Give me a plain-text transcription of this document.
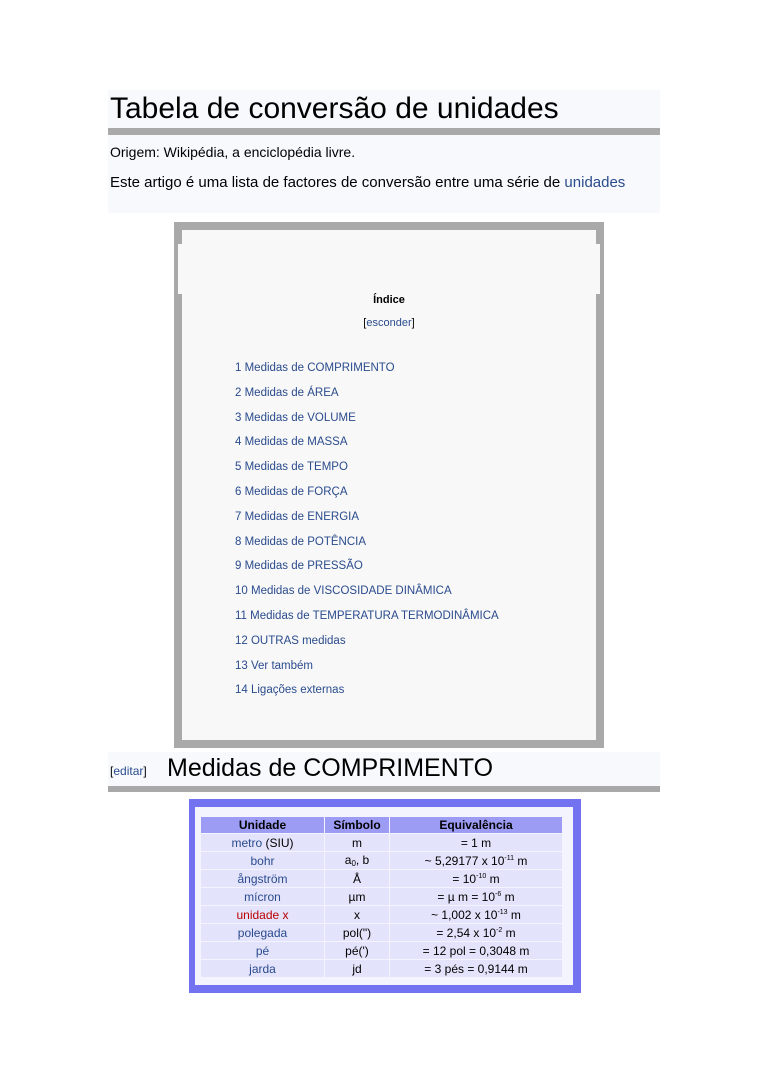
Tabela de conversão de unidades
Origem: Wikipédia, a enciclopédia livre.
Este artigo é uma lista de factores de conversão entre uma série de unidades
Índice
[esconder]
1 Medidas de COMPRIMENTO
2 Medidas de ÁREA
3 Medidas de VOLUME
4 Medidas de MASSA
5 Medidas de TEMPO
6 Medidas de FORÇA
7 Medidas de ENERGIA
8 Medidas de POTÊNCIA
9 Medidas de PRESSÃO
10 Medidas de VISCOSIDADE DINÂMICA
11 Medidas de TEMPERATURA TERMODINÂMICA
12 OUTRAS medidas
13 Ver também
14 Ligações externas
[editar] Medidas de COMPRIMENTO
Unidade	Símbolo	Equivalência
metro (SIU)	m	= 1 m
bohr	$a_0$, b	~ 5,29177 x $10^{-11}$ m
ångström	Å	= $10^{-10}$ m
mícron	µm	= µ $m = 10^{-6}$ m
unidade x	x	~ 1,002 x $10^{-13}$ m
polegada	pol(")	= 2,54 x $10^{-2}$ m
pé	pé(')	= 12 pol = 0,3048 m
jarda	jd	= 3 pés = 0,9144 m
